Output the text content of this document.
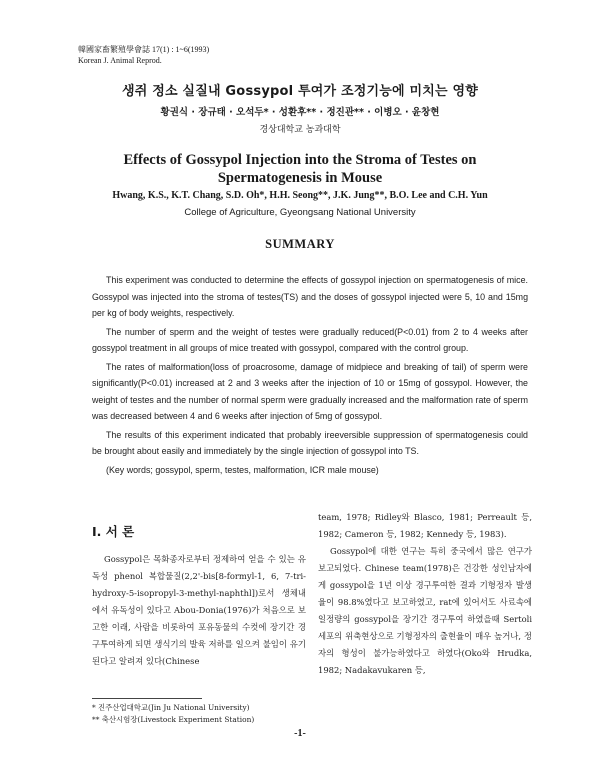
韓國家畜繁殖學會誌 17(1) : 1~6(1993)
Korean J. Animal Reprod.
생쥐 정소 실질내 Gossypol 투여가 조정기능에 미치는 영향
황권식 · 장규태 · 오석두* · 성환후** · 정진관** · 이병오 · 윤창현
경상대학교 농과대학
Effects of Gossypol Injection into the Stroma of Testes on
Spermatogenesis in Mouse
Hwang, K.S., K.T. Chang, S.D. Oh*, H.H. Seong**, J.K. Jung**, B.O. Lee and C.H. Yun
College of Agriculture, Gyeongsang National University
SUMMARY

This experiment was conducted to determine the effects of gossypol injection on spermatogenesis of mice. Gossypol was injected into the stroma of testes(TS) and the doses of gossypol injected were 5, 10 and 15mg per kg of body weights, respectively.

The number of sperm and the weight of testes were gradually reduced(P<0.01) from 2 to 4 weeks after gossypol treatment in all groups of mice treated with gossypol, compared with the control group.

The rates of malformation(loss of proacrosome, damage of midpiece and breaking of tail) of sperm were significantly(P<0.01) increased at 2 and 3 weeks after the injection of 10 or 15mg of gossypol. However, the weight of testes and the number of normal sperm were gradually increased and the malformation rate of sperm was decreased between 4 and 6 weeks after injection of 5mg of gossypol.

The results of this experiment indicated that probably ireeversible suppression of spermatogenesis could be brought about easily and immediately by the single injection of gossypol into TS.

(Key words; gossypol, sperm, testes, malformation, ICR male mouse)

I. 서 론

Gossypol은 목화종자로부터 정제하여 얻을 수 있는 유독성 phenol 복합물질(2,2'-bis[8-formyl-1, 6, 7-tri-hydroxy-5-isopropyl-3-methyl-naphthl])로서 생체내에서 유독성이 있다고 Abou-Donia(1976)가 처음으로 보고한 이래, 사람을 비롯하여 포유동물의 수컷에 장기간 경구투여하게 되면 생식기의 발육 저하를 일으켜 불임이 유기된다고 알려져 있다(Chinese

team, 1978; Ridley와 Blasco, 1981; Perreault 등, 1982; Cameron 등, 1982; Kennedy 등, 1983).

Gossypol에 대한 연구는 특히 중국에서 많은 연구가 보고되었다. Chinese team(1978)은 건강한 성인남자에게 gossypol을 1년 이상 경구투여한 결과 기형정자 발생율이 98.8%였다고 보고하였고, rat에 있어서도 사료속에 일정량의 gossypol을 장기간 경구투여 하였을때 Sertoli세포의 위축현상으로 기형정자의 출현율이 매우 높거나, 정자의 형성이 불가능하였다고 하였다(Oko와 Hrudka, 1982; Nadakavukaren 등,

* 진주산업대학교(Jin Ju National University)
** 축산시험장(Livestock Experiment Station)
-1-
